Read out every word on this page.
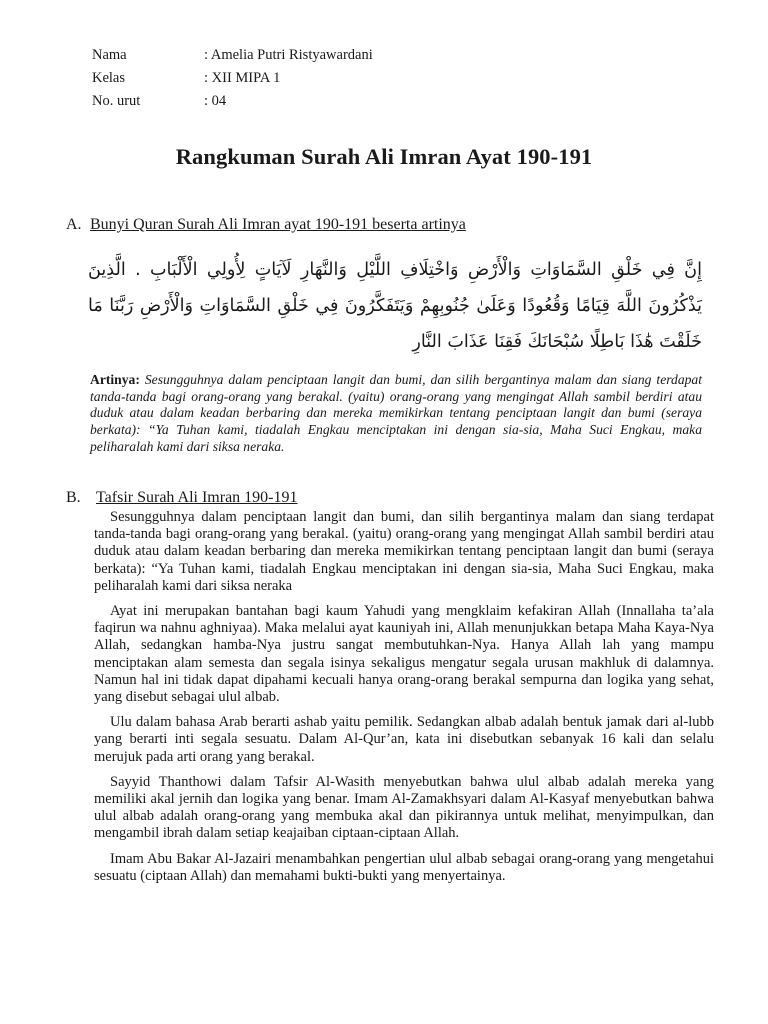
Nama	: Amelia Putri Ristyawardani
Kelas	: XII MIPA 1
No. urut	: 04
Rangkuman Surah Ali Imran Ayat 190-191
A. Bunyi Quran Surah Ali Imran ayat 190-191 beserta artinya
إِنَّ فِي خَلْقِ السَّمَاوَاتِ وَالْأَرْضِ وَاخْتِلَافِ اللَّيْلِ وَالنَّهَارِ لَآيَاتٍ لِأُولِي الْأَلْبَابِ . الَّذِينَ يَذْكُرُونَ اللَّهَ قِيَامًا وَقُعُودًا وَعَلَىٰ جُنُوبِهِمْ وَيَتَفَكَّرُونَ فِي خَلْقِ السَّمَاوَاتِ وَالْأَرْضِ رَبَّنَا مَا خَلَقْتَ هَٰذَا بَاطِلًا سُبْحَانَكَ فَقِنَا عَذَابَ النَّارِ
Artinya: Sesungguhnya dalam penciptaan langit dan bumi, dan silih bergantinya malam dan siang terdapat tanda-tanda bagi orang-orang yang berakal. (yaitu) orang-orang yang mengingat Allah sambil berdiri atau duduk atau dalam keadan berbaring dan mereka memikirkan tentang penciptaan langit dan bumi (seraya berkata): “Ya Tuhan kami, tiadalah Engkau menciptakan ini dengan sia-sia, Maha Suci Engkau, maka peliharalah kami dari siksa neraka.
B. Tafsir Surah Ali Imran 190-191

Sesungguhnya dalam penciptaan langit dan bumi, dan silih bergantinya malam dan siang terdapat tanda-tanda bagi orang-orang yang berakal. (yaitu) orang-orang yang mengingat Allah sambil berdiri atau duduk atau dalam keadan berbaring dan mereka memikirkan tentang penciptaan langit dan bumi (seraya berkata): “Ya Tuhan kami, tiadalah Engkau menciptakan ini dengan sia-sia, Maha Suci Engkau, maka peliharalah kami dari siksa neraka

Ayat ini merupakan bantahan bagi kaum Yahudi yang mengklaim kefakiran Allah (Innallaha ta’ala faqirun wa nahnu aghniyaa). Maka melalui ayat kauniyah ini, Allah menunjukkan betapa Maha Kaya-Nya Allah, sedangkan hamba-Nya justru sangat membutuhkan-Nya. Hanya Allah lah yang mampu menciptakan alam semesta dan segala isinya sekaligus mengatur segala urusan makhluk di dalamnya. Namun hal ini tidak dapat dipahami kecuali hanya orang-orang berakal sempurna dan logika yang sehat, yang disebut sebagai ulul albab.

Ulu dalam bahasa Arab berarti ashab yaitu pemilik. Sedangkan albab adalah bentuk jamak dari al-lubb yang berarti inti segala sesuatu. Dalam Al-Qur’an, kata ini disebutkan sebanyak 16 kali dan selalu merujuk pada arti orang yang berakal.

Sayyid Thanthowi dalam Tafsir Al-Wasith menyebutkan bahwa ulul albab adalah mereka yang memiliki akal jernih dan logika yang benar. Imam Al-Zamakhsyari dalam Al-Kasyaf menyebutkan bahwa ulul albab adalah orang-orang yang membuka akal dan pikirannya untuk melihat, menyimpulkan, dan mengambil ibrah dalam setiap keajaiban ciptaan-ciptaan Allah.

Imam Abu Bakar Al-Jazairi menambahkan pengertian ulul albab sebagai orang-orang yang mengetahui sesuatu (ciptaan Allah) dan memahami bukti-bukti yang menyertainya.
